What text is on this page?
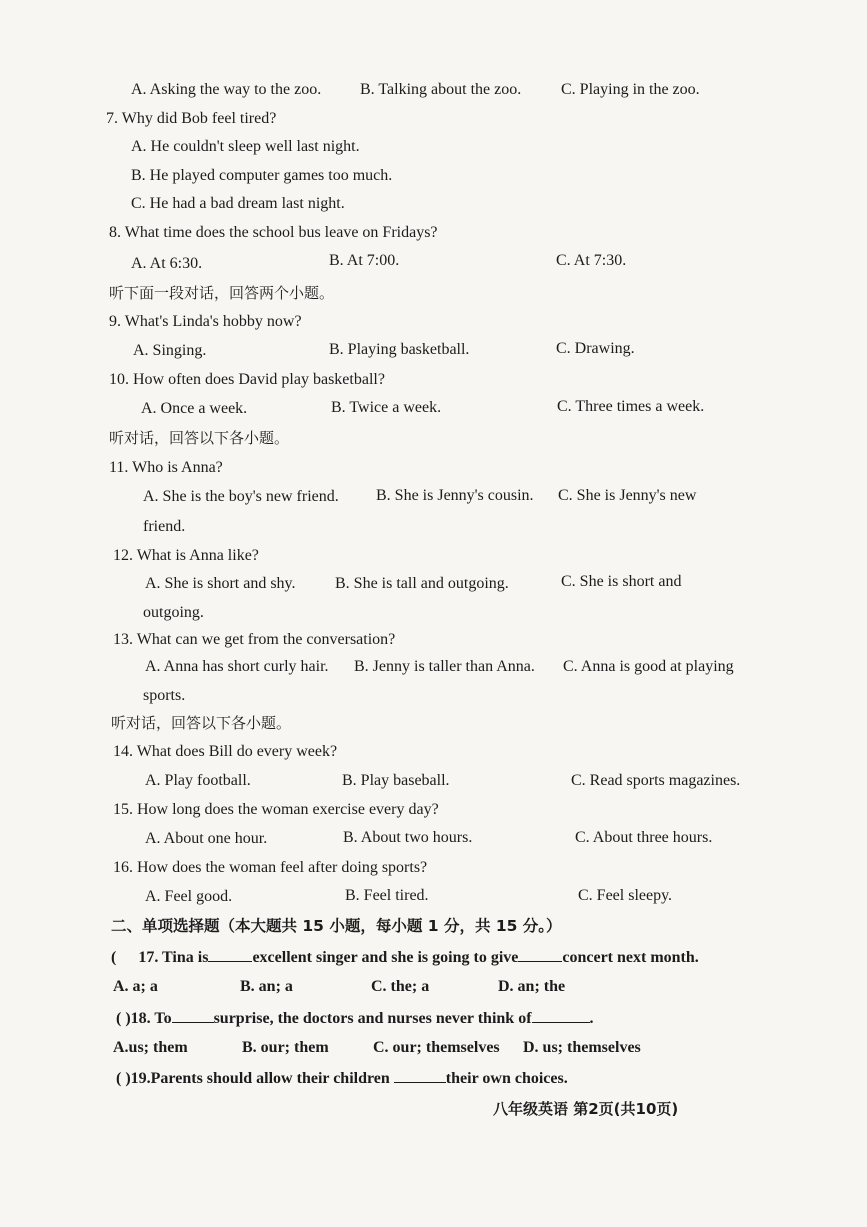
A. Asking the way to the zoo. B. Talking about the zoo. C. Playing in the zoo.
7. Why did Bob feel tired?
A. He couldn't sleep well last night.
B. He played computer games too much.
C. He had a bad dream last night.
8. What time does the school bus leave on Fridays?
A. At 6:30.	B. At 7:00.	C. At 7:30.
听下面一段对话，回答两个小题。
9. What's Linda's hobby now?
A. Singing.	B. Playing basketball.	C. Drawing.
10. How often does David play basketball?
A. Once a week.	B. Twice a week.	C. Three times a week.
听对话，回答以下各小题。
11. Who is Anna?
A. She is the boy's new friend. B. She is Jenny's cousin. C. She is Jenny's new
friend.
12. What is Anna like?
A. She is short and shy. B. She is tall and outgoing.	C. She is short and
outgoing.
13. What can we get from the conversation?
A. Anna has short curly hair. B. Jenny is taller than Anna. C. Anna is good at playing
sports.
听对话，回答以下各小题。
14. What does Bill do every week?
A. Play football.	B. Play baseball.	C. Read sports magazines.
15. How long does the woman exercise every day?
A. About one hour.	B. About two hours.	C. About three hours.
16. How does the woman feel after doing sports?
A. Feel good.	B. Feel tired.	C. Feel sleepy.
二、单项选择题（本大题共 15 小题，每小题 1 分，共 15 分。）
( 17. Tina is	excellent singer and she is going to give	concert next month.
A. a; a	B. an; a	C. the; a	D. an; the
( )18. To	surprise, the doctors and nurses never think of	.
A.us; them	B. our; them	C. our; themselves D. us; themselves
( )19.Parents should allow their children	their own choices.
八年级英语 第2页(共10页)
